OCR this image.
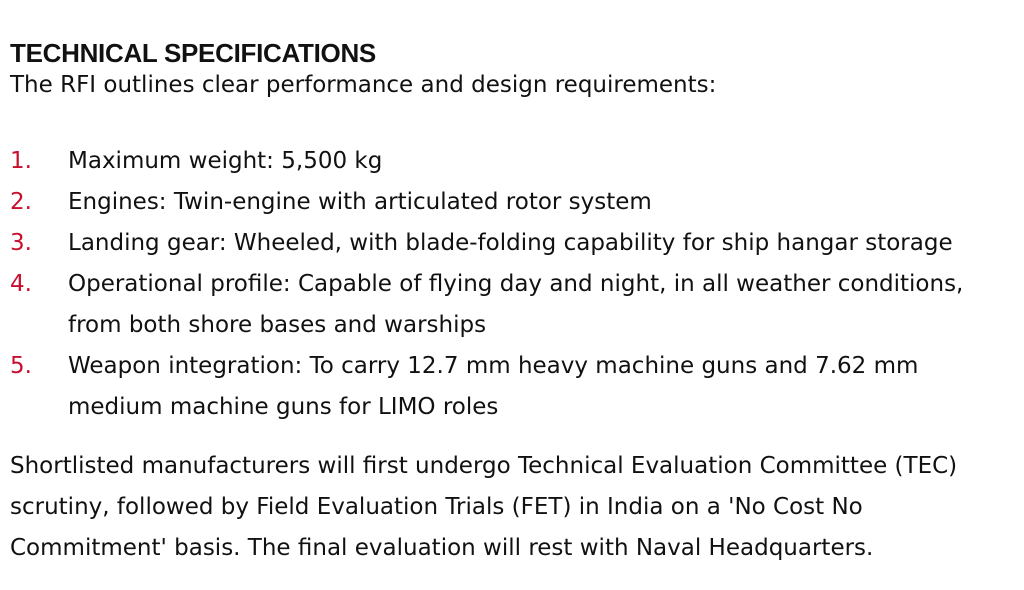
TECHNICAL SPECIFICATIONS

The RFI outlines clear performance and design requirements:

1. Maximum weight: 5,500 kg
2. Engines: Twin-engine with articulated rotor system
3. Landing gear: Wheeled, with blade-folding capability for ship hangar storage
4. Operational profile: Capable of flying day and night, in all weather conditions,
from both shore bases and warships
5. Weapon integration: To carry 12.7 mm heavy machine guns and 7.62 mm
medium machine guns for LIMO roles

Shortlisted manufacturers will first undergo Technical Evaluation Committee (TEC)
scrutiny, followed by Field Evaluation Trials (FET) in India on a 'No Cost No
Commitment' basis. The final evaluation will rest with Naval Headquarters.
